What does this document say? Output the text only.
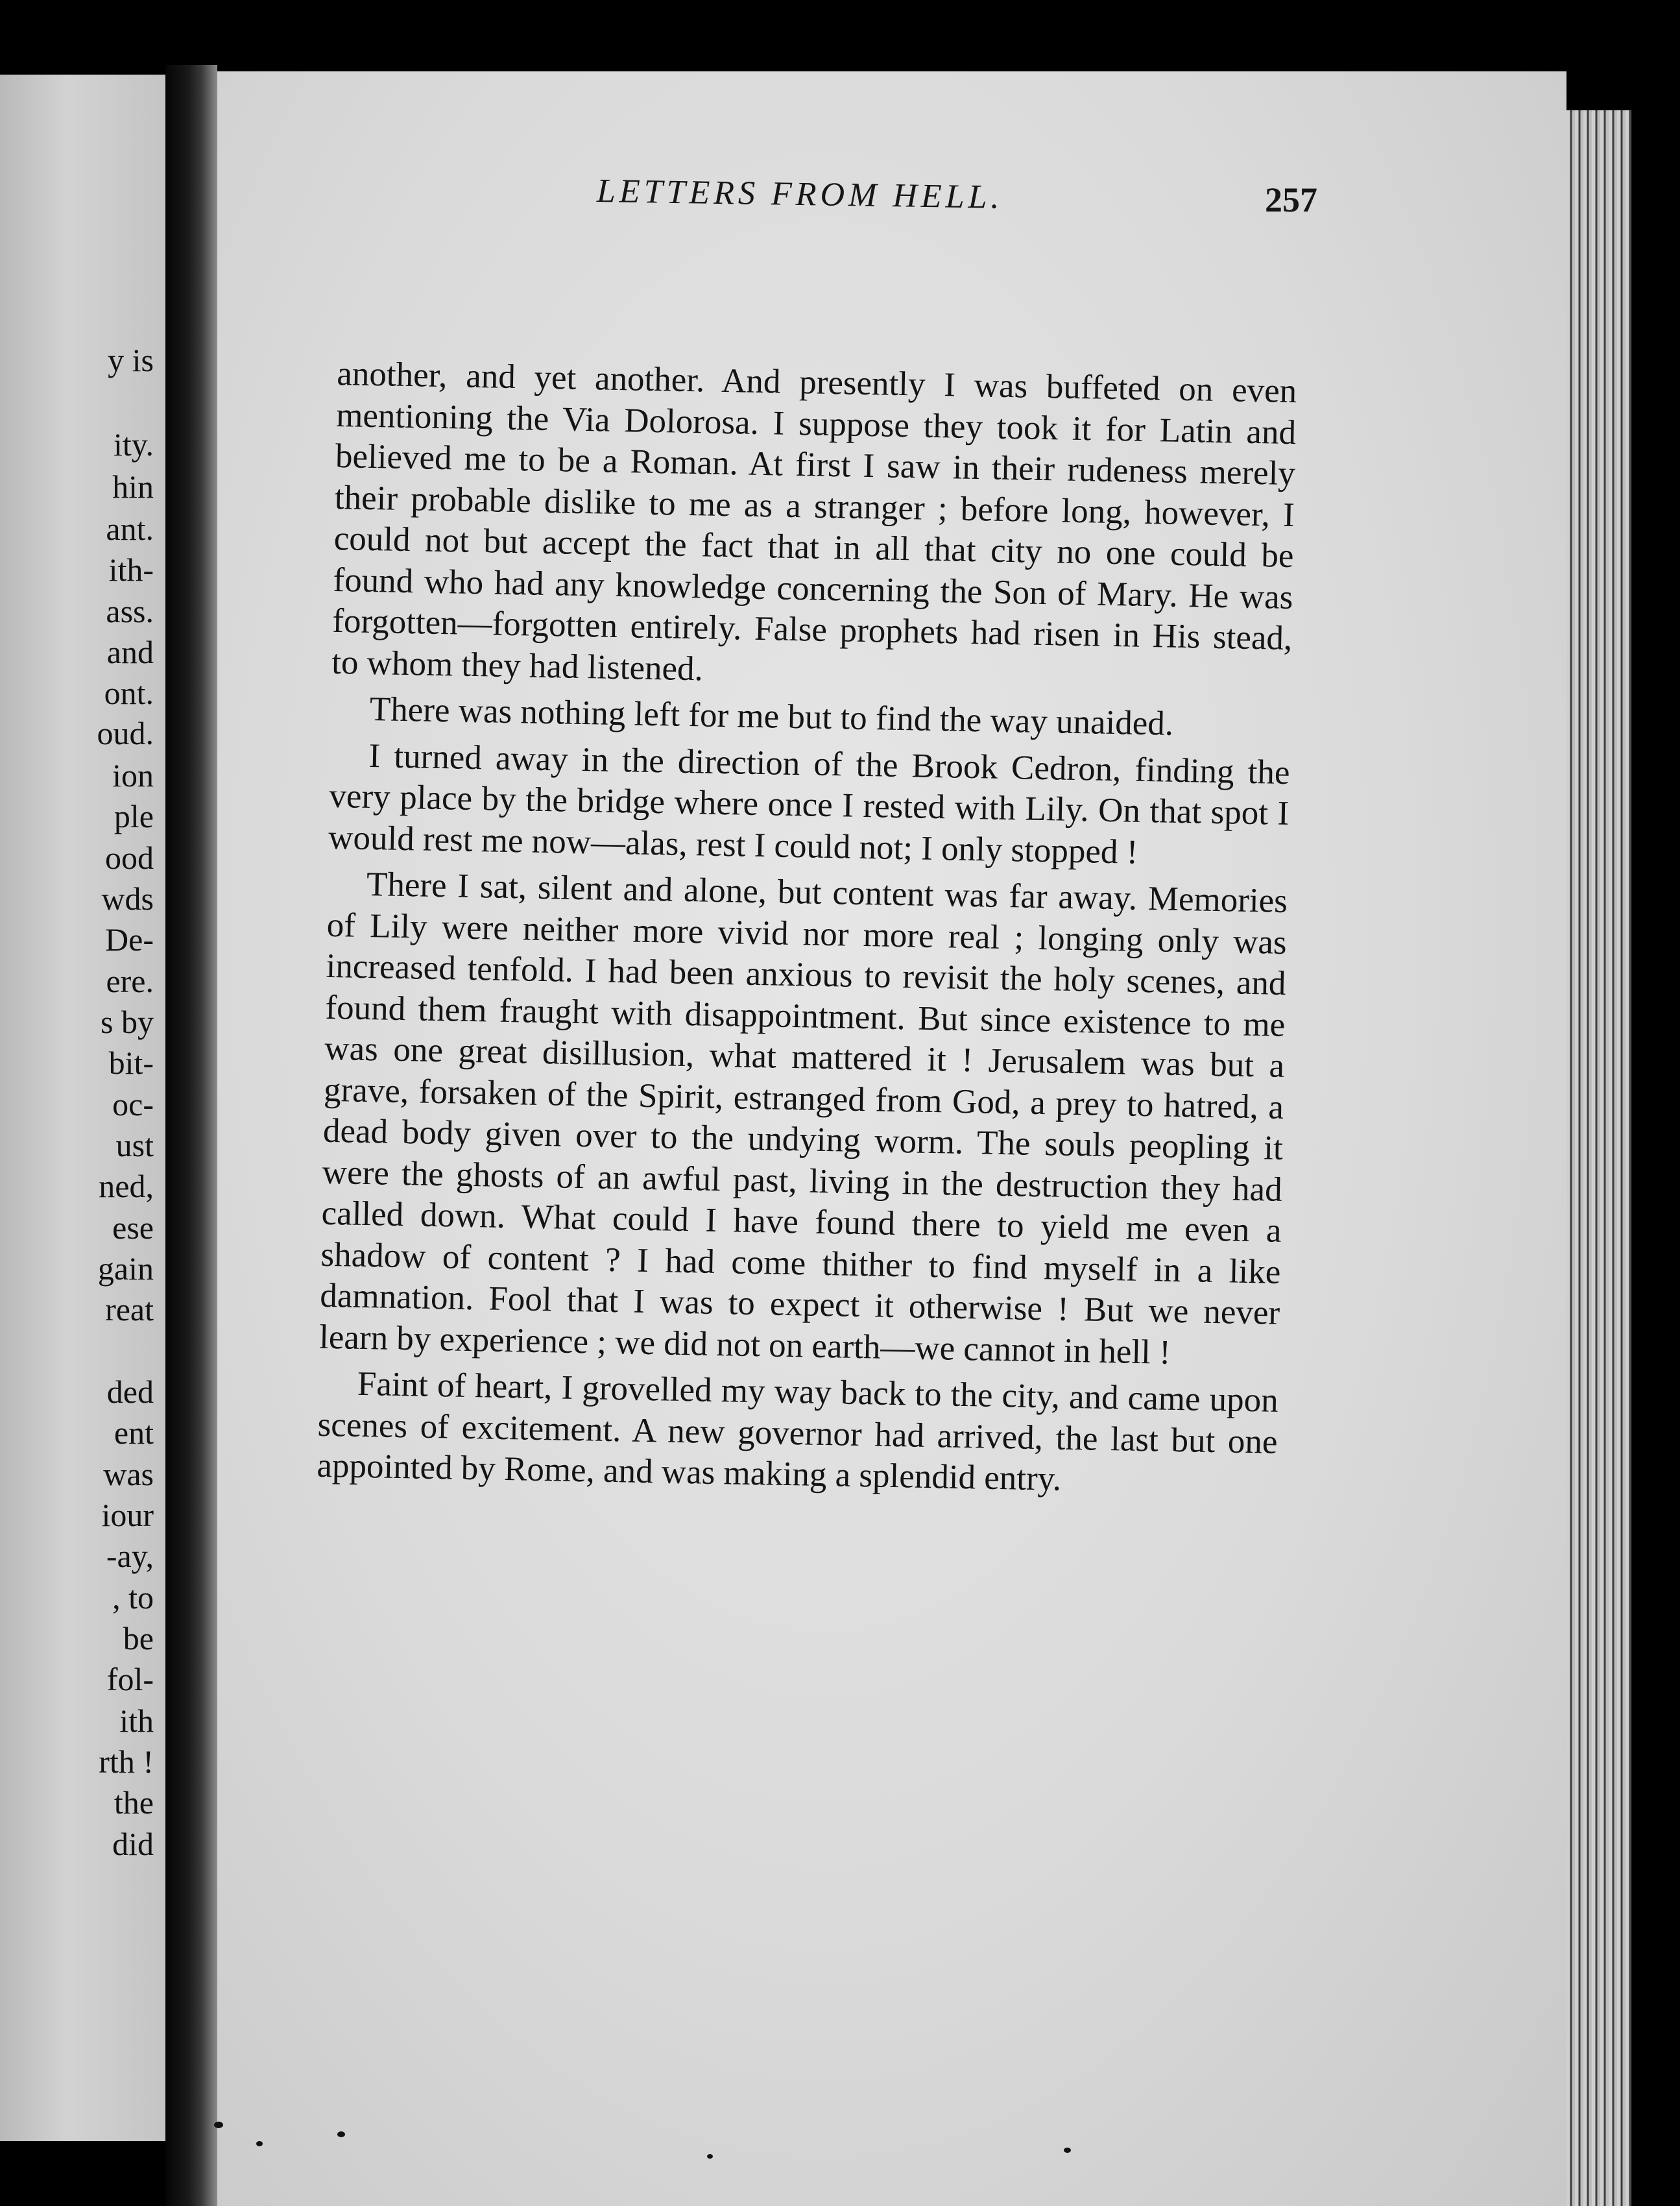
y is
ity.
hin
ant.
ith-
ass.
and
ont.
oud.
ion
ple
ood
wds
De-
ere.
s by
bit-
oc-
ust
ned,
ese
gain
reat
ded
ent
was
iour
-ay,
, to
be
fol-
ith
rth !
the
did
LETTERS FROM HELL.	257

another, and yet another. And presently I was buffeted on even mentioning the Via Dolorosa. I suppose they took it for Latin and believed me to be a Roman. At first I saw in their rudeness merely their probable dislike to me as a stranger ; before long, however, I could not but accept the fact that in all that city no one could be found who had any knowledge concerning the Son of Mary. He was forgotten—forgotten entirely. False prophets had risen in His stead, to whom they had listened.

There was nothing left for me but to find the way unaided.

I turned away in the direction of the Brook Cedron, finding the very place by the bridge where once I rested with Lily. On that spot I would rest me now—alas, rest I could not; I only stopped !

There I sat, silent and alone, but content was far away. Memories of Lily were neither more vivid nor more real ; longing only was increased tenfold. I had been anxious to revisit the holy scenes, and found them fraught with disappointment. But since existence to me was one great disillusion, what mattered it ! Jerusalem was but a grave, forsaken of the Spirit, estranged from God, a prey to hatred, a dead body given over to the undying worm. The souls peopling it were the ghosts of an awful past, living in the destruction they had called down. What could I have found there to yield me even a shadow of content ? I had come thither to find myself in a like damnation. Fool that I was to expect it otherwise ! But we never learn by experience ; we did not on earth—we cannot in hell !

Faint of heart, I grovelled my way back to the city, and came upon scenes of excitement. A new governor had arrived, the last but one appointed by Rome, and was making a splendid entry.
